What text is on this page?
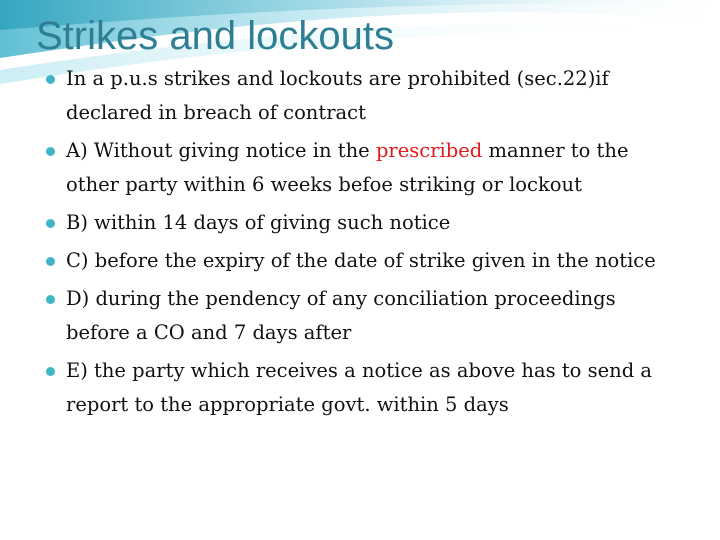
Strikes and lockouts
In a p.u.s strikes and lockouts are prohibited (sec.22)if declared in breach of contract
A) Without giving notice in the prescribed manner to the other party within 6 weeks befoe striking or lockout
B) within 14 days of giving such notice
C) before the expiry of the date of strike given in the notice
D) during the pendency of any conciliation proceedings before a CO and 7 days after
E) the party which receives a notice as above has to send a report to the appropriate govt. within 5 days
